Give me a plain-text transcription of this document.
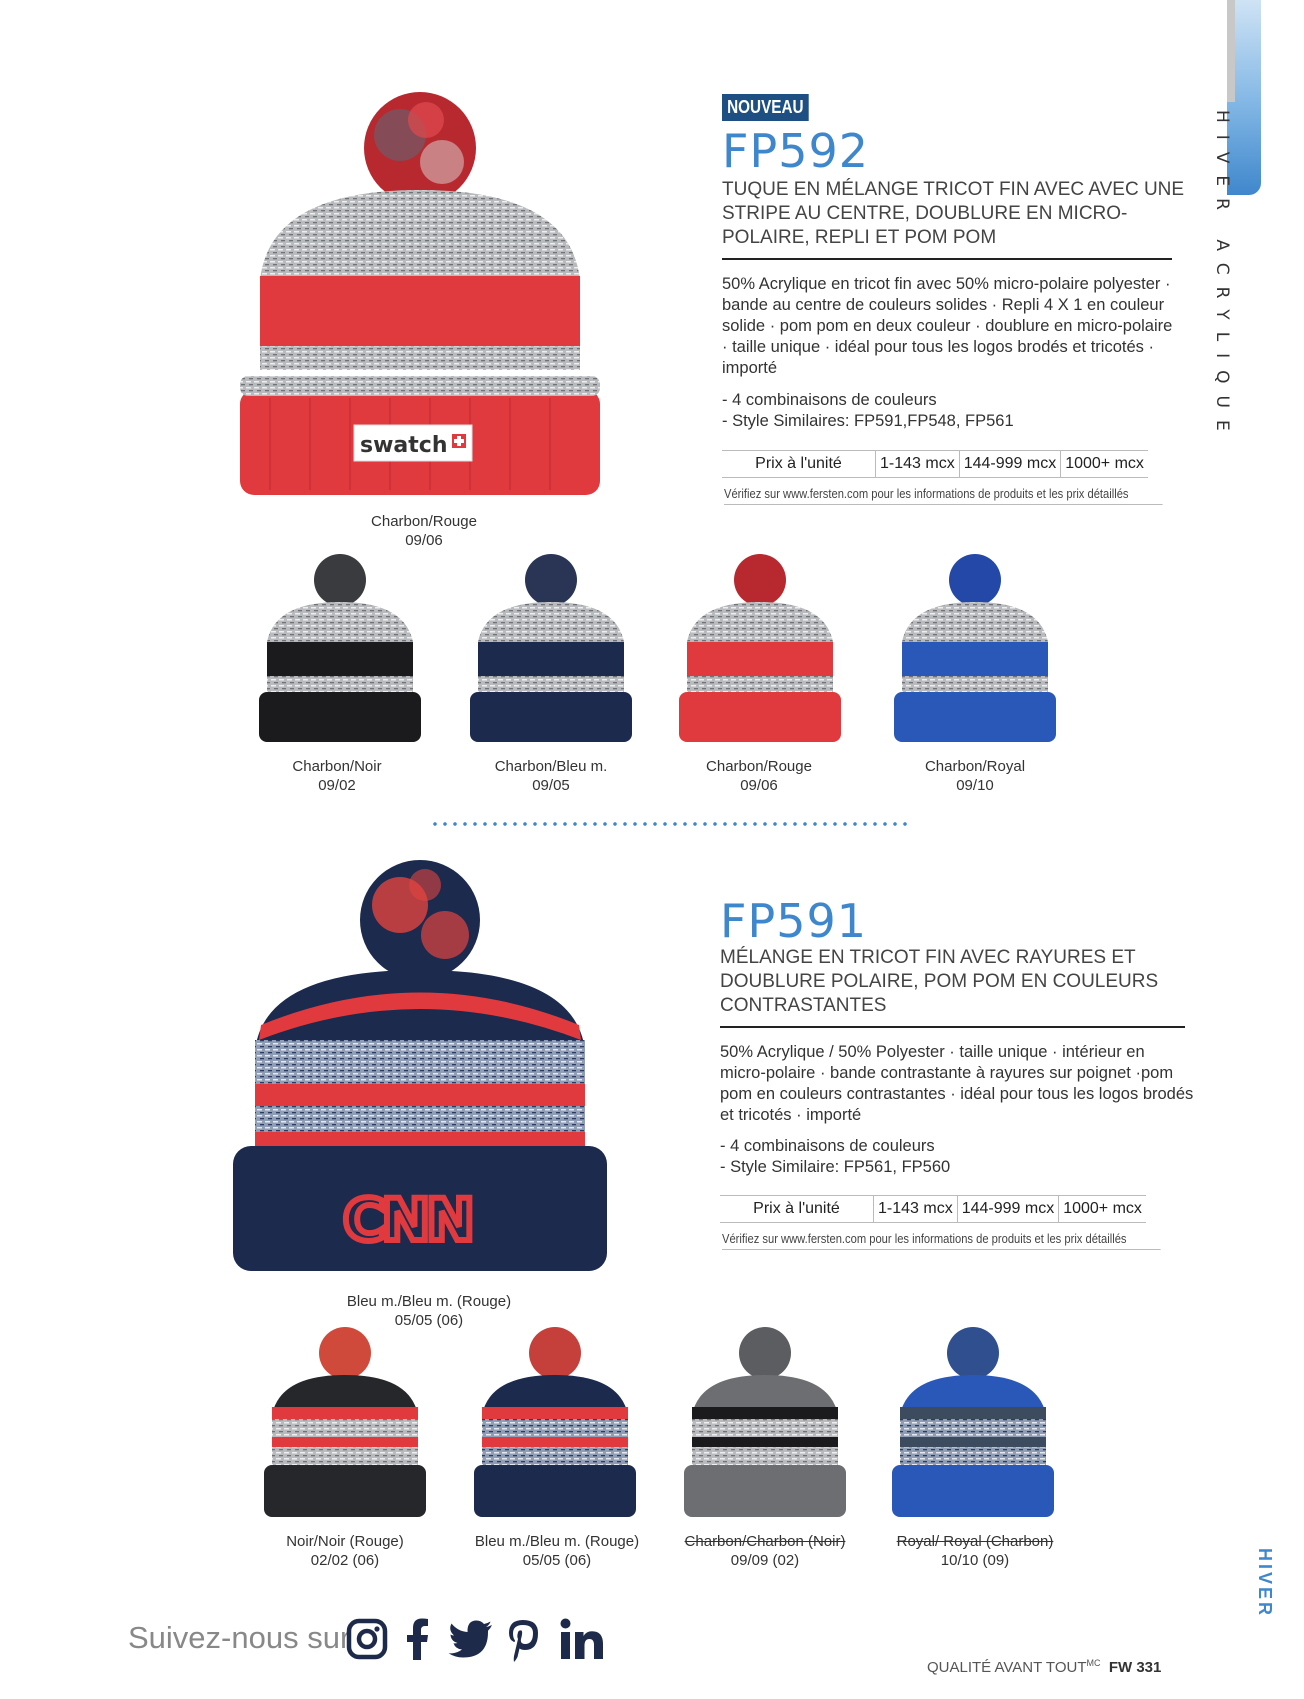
HIVER ACRYLIQUE
HIVER
swatch
Charbon/Rouge
09/06
NOUVEAU
FP592
TUQUE EN MÉLANGE TRICOT FIN AVEC AVEC UNE STRIPE AU CENTRE, DOUBLURE EN MICRO-POLAIRE, REPLI ET POM POM
50% Acrylique en tricot fin avec 50% micro-polaire polyester · bande au centre de couleurs solides · Repli 4 X 1 en couleur solide · pom pom en deux couleur · doublure en micro-polaire · taille unique · idéal pour tous les logos brodés et tricotés · importé
- 4 combinaisons de couleurs
- Style Similaires: FP591,FP548, FP561
Prix à l'unité	1-143 mcx	144-999 mcx	1000+ mcx
Vérifiez sur www.fersten.com pour les informations de produits et les prix détaillés
Charbon/Noir
09/02
Charbon/Bleu m.
09/05
Charbon/Rouge
09/06
Charbon/Royal
09/10
CNN
Bleu m./Bleu m. (Rouge)
05/05 (06)
FP591
MÉLANGE EN TRICOT FIN AVEC RAYURES ET DOUBLURE POLAIRE, POM POM EN COULEURS CONTRASTANTES
50% Acrylique / 50% Polyester · taille unique · intérieur en micro-polaire · bande contrastante à rayures sur poignet ·pom pom en couleurs contrastantes · idéal pour tous les logos brodés et tricotés · importé
- 4 combinaisons de couleurs
- Style Similaire: FP561, FP560
Prix à l'unité	1-143 mcx	144-999 mcx	1000+ mcx
Vérifiez sur www.fersten.com pour les informations de produits et les prix détaillés
Noir/Noir (Rouge)
02/02 (06)
Bleu m./Bleu m. (Rouge)
05/05 (06)
Charbon/Charbon (Noir)
09/09 (02)
Royal/ Royal (Charbon)
10/10 (09)
Suivez-nous sur
QUALITÉ AVANT $TOUT^{MC}$ FW 331
